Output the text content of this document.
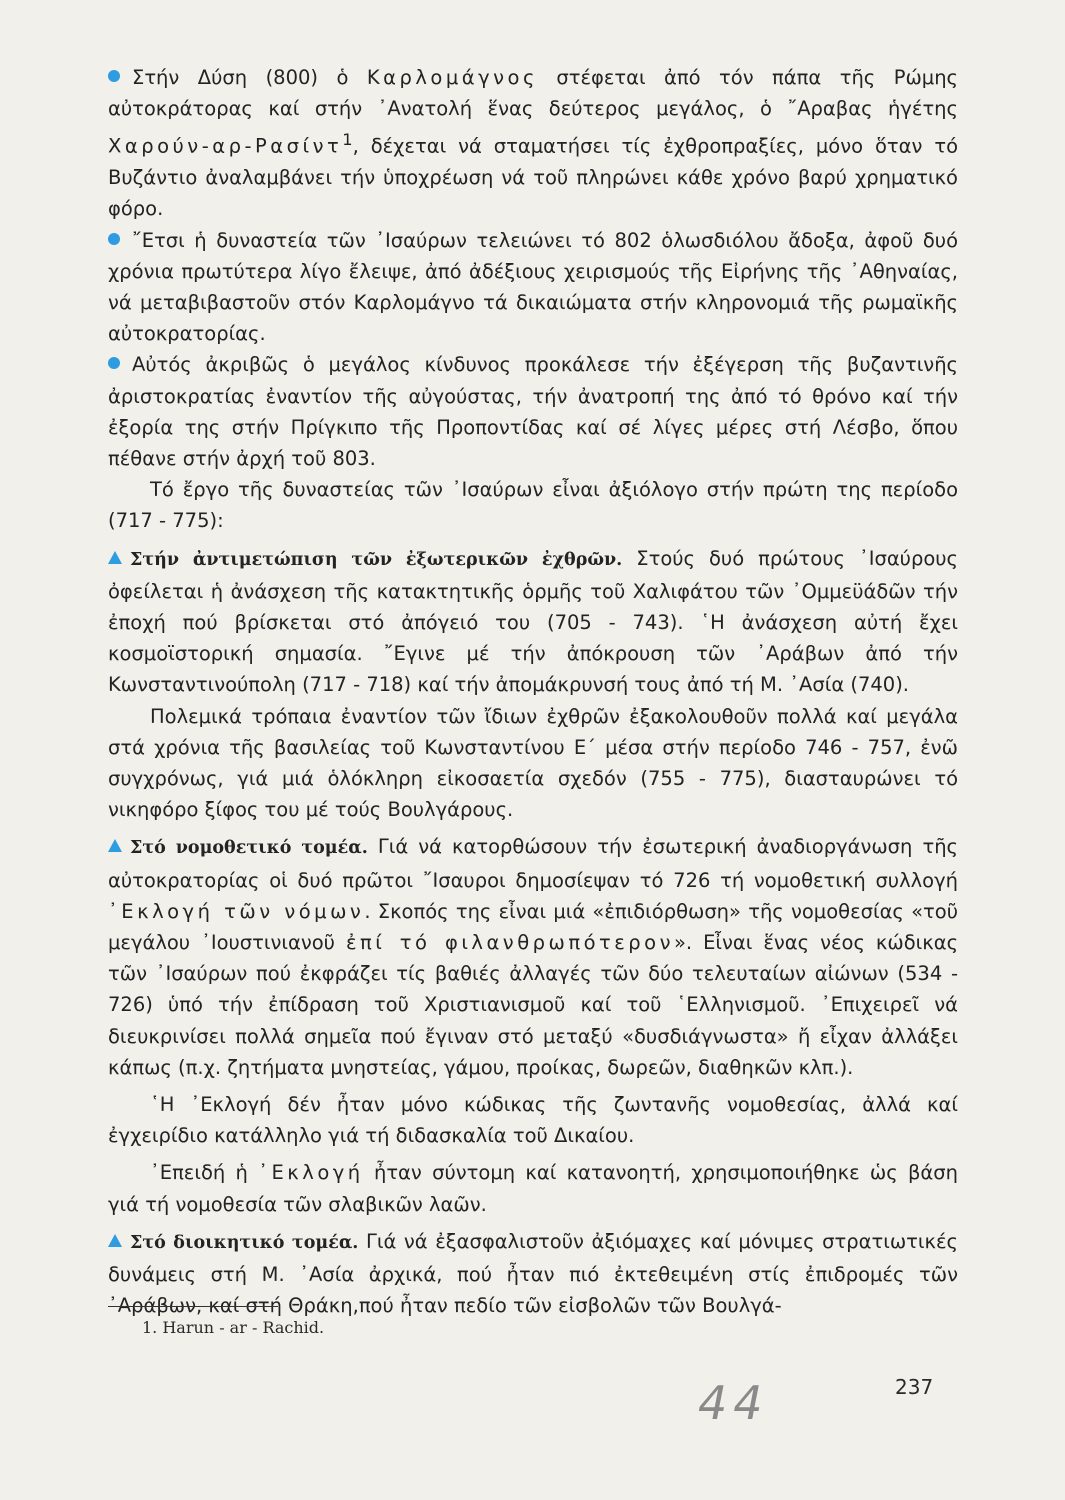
Στήν Δύση (800) ὁ Καρλομάγνος στέφεται ἀπό τόν πάπα τῆς Ρώμης αὐτοκράτορας καί στήν ᾿Ανατολή ἕνας δεύτερος μεγάλος, ὁ ῎Αραβας ἡγέτης Χαρούν-αρ-Ρασίντ$^1$, δέχεται νά σταματήσει τίς ἐχθροπραξίες, μόνο ὅταν τό Βυζάντιο ἀναλαμβάνει τήν ὑποχρέωση νά τοῦ πληρώνει κάθε χρόνο βαρύ χρηματικό φόρο.

῎Ετσι ἡ δυναστεία τῶν ᾿Ισαύρων τελειώνει τό 802 ὁλωσδιόλου ἄδοξα, ἀφοῦ δυό χρόνια πρωτύτερα λίγο ἔλειψε, ἀπό ἀδέξιους χειρισμούς τῆς Εἰρήνης τῆς ᾿Αθηναίας, νά μεταβιβαστοῦν στόν Καρλομάγνο τά δικαιώματα στήν κληρονομιά τῆς ρωμαϊκῆς αὐτοκρατορίας.

Αὐτός ἀκριβῶς ὁ μεγάλος κίνδυνος προκάλεσε τήν ἐξέγερση τῆς βυζαντινῆς ἀριστοκρατίας ἐναντίον τῆς αὐγούστας, τήν ἀνατροπή της ἀπό τό θρόνο καί τήν ἐξορία της στήν Πρίγκιπο τῆς Προποντίδας καί σέ λίγες μέρες στή Λέσβο, ὅπου πέθανε στήν ἀρχή τοῦ 803.

Τό ἔργο τῆς δυναστείας τῶν ᾿Ισαύρων εἶναι ἀξιόλογο στήν πρώτη της περίοδο (717 - 775):

Στήν ἀντιμετώπιση τῶν ἐξωτερικῶν ἐχθρῶν. Στούς δυό πρώτους ᾿Ισαύρους ὀφείλεται ἡ ἀνάσχεση τῆς κατακτητικῆς ὁρμῆς τοῦ Χαλιφάτου τῶν ᾿Ομμεϋάδῶν τήν ἐποχή πού βρίσκεται στό ἀπόγειό του (705 - 743). ῾Η ἀνάσχεση αὐτή ἔχει κοσμοϊστορική σημασία. ῎Εγινε μέ τήν ἀπόκρουση τῶν ᾿Αράβων ἀπό τήν Κωνσταντινούπολη (717 - 718) καί τήν ἀπομάκρυνσή τους ἀπό τή Μ. ᾿Ασία (740).

Πολεμικά τρόπαια ἐναντίον τῶν ἴδιων ἐχθρῶν ἐξακολουθοῦν πολλά καί μεγάλα στά χρόνια τῆς βασιλείας τοῦ Κωνσταντίνου Ε΄ μέσα στήν περίοδο 746 - 757, ἐνῶ συγχρόνως, γιά μιά ὁλόκληρη εἰκοσαετία σχεδόν (755 - 775), διασταυρώνει τό νικηφόρο ξίφος του μέ τούς Βουλγάρους.

Στό νομοθετικό τομέα. Γιά νά κατορθώσουν τήν ἐσωτερική ἀναδιοργάνωση τῆς αὐτοκρατορίας οἱ δυό πρῶτοι ῎Ισαυροι δημοσίεψαν τό 726 τή νομοθετική συλλογή ᾿Εκλογή τῶν νόμων. Σκοπός της εἶναι μιά «ἐπιδιόρθωση» τῆς νομοθεσίας «τοῦ μεγάλου ᾿Ιουστινιανοῦ ἐπί τό φιλανθρωπότερον». Εἶναι ἕνας νέος κώδικας τῶν ᾿Ισαύρων πού ἐκφράζει τίς βαθιές ἀλλαγές τῶν δύο τελευταίων αἰώνων (534 - 726) ὑπό τήν ἐπίδραση τοῦ Χριστιανισμοῦ καί τοῦ ῾Ελληνισμοῦ. ᾿Επιχειρεῖ νά διευκρινίσει πολλά σημεῖα πού ἔγιναν στό μεταξύ «δυσδιάγνωστα» ἤ εἶχαν ἀλλάξει κάπως (π.χ. ζητήματα μνηστείας, γάμου, προίκας, δωρεῶν, διαθηκῶν κλπ.).

῾Η ᾿Εκλογή δέν ἦταν μόνο κώδικας τῆς ζωντανῆς νομοθεσίας, ἀλλά καί ἐγχειρίδιο κατάλληλο γιά τή διδασκαλία τοῦ Δικαίου.

᾿Επειδή ἡ ᾿Εκλογή ἦταν σύντομη καί κατανοητή, χρησιμοποιήθηκε ὡς βάση γιά τή νομοθεσία τῶν σλαβικῶν λαῶν.

Στό διοικητικό τομέα. Γιά νά ἐξασφαλιστοῦν ἀξιόμαχες καί μόνιμες στρατιωτικές δυνάμεις στή Μ. ᾿Ασία ἀρχικά, πού ἦταν πιό ἐκτεθειμένη στίς ἐπιδρομές τῶν ᾿Αράβων, καί στή Θράκη,πού ἦταν πεδίο τῶν εἰσβολῶν τῶν Βουλγά-

1. Harun - ar - Rachid.
44	237
